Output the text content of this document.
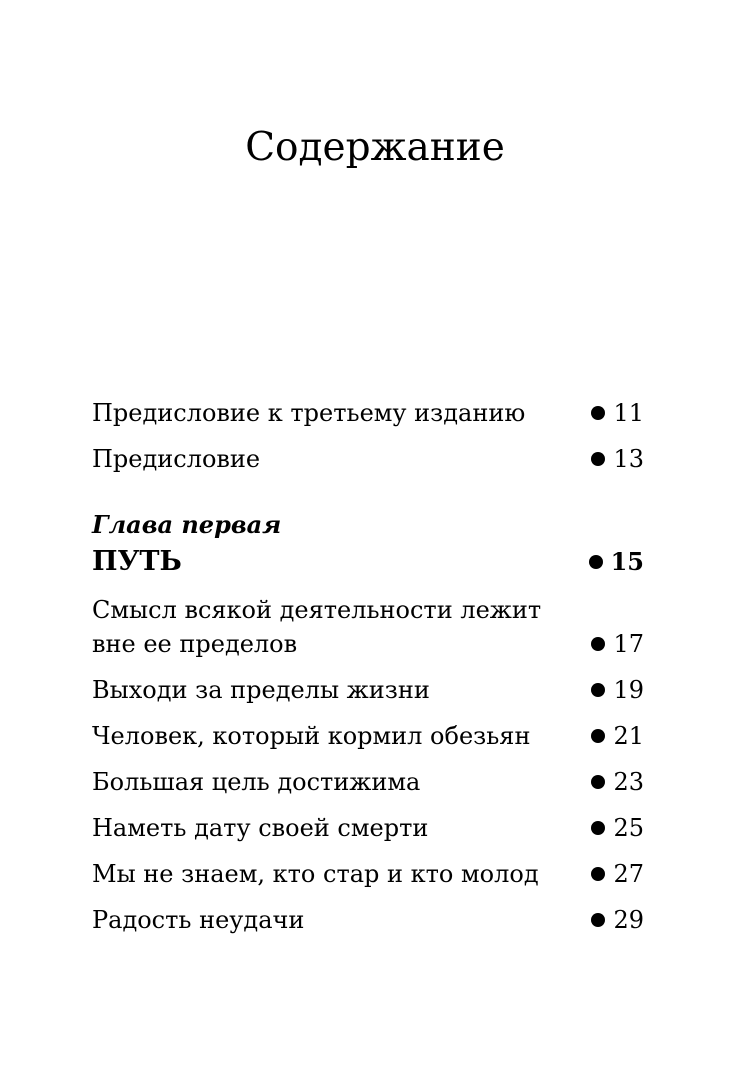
Содержание
Предисловие к третьему изданию	11
Предисловие	13
Глава первая
ПУТЬ	15
Смысл всякой деятельности лежит
вне ее пределов	17
Выходи за пределы жизни	19
Человек, который кормил обезьян	21
Большая цель достижима	23
Наметь дату своей смерти	25
Мы не знаем, кто стар и кто молод	27
Радость неудачи	29
